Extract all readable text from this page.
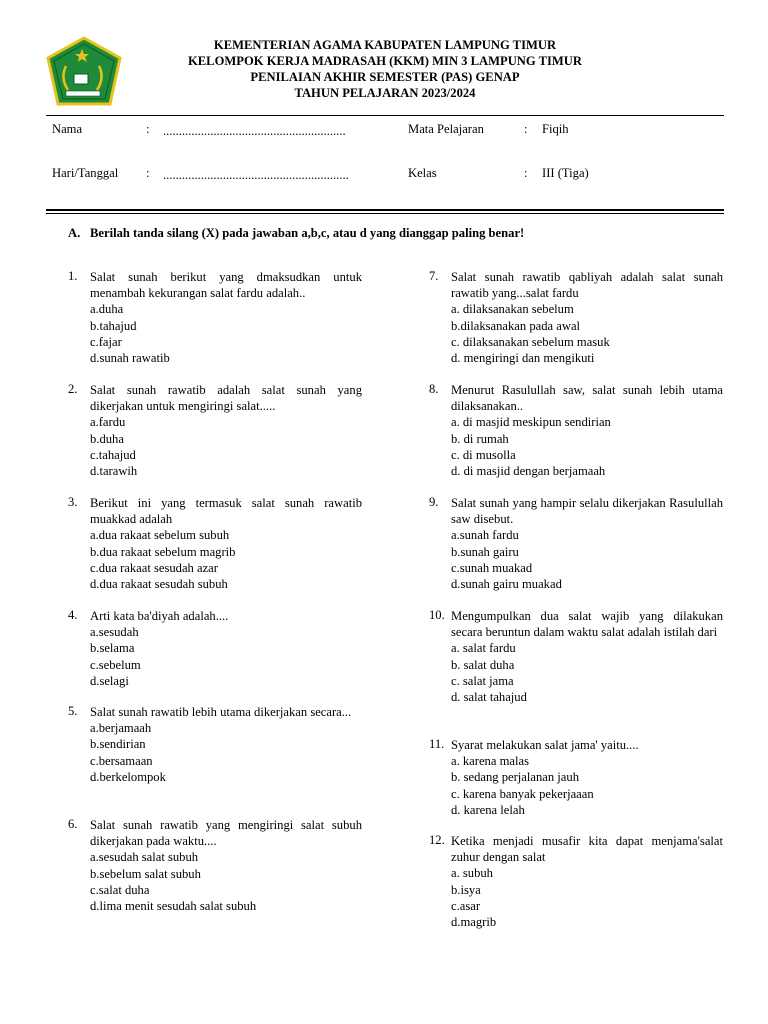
KEMENTERIAN AGAMA KABUPATEN LAMPUNG TIMUR
KELOMPOK KERJA MADRASAH (KKM) MIN 3 LAMPUNG TIMUR
PENILAIAN AKHIR SEMESTER (PAS) GENAP
TAHUN PELAJARAN 2023/2024
Nama	: ..........................................................	Mata Pelajaran	: Fiqih
Hari/Tanggal : ...........................................................	Kelas	: III (Tiga)
A. Berilah tanda silang (X) pada jawaban a,b,c, atau d yang dianggap paling benar!
1. Salat sunah berikut yang dmaksudkan untuk menambah kekurangan salat fardu adalah..
a.duha
b.tahajud
c.fajar
d.sunah rawatib
2. Salat sunah rawatib adalah salat sunah yang dikerjakan untuk mengiringi salat.....
a.fardu
b.duha
c.tahajud
d.tarawih
3. Berikut ini yang termasuk salat sunah rawatib muakkad adalah
a.dua rakaat sebelum subuh
b.dua rakaat sebelum magrib
c.dua rakaat sesudah azar
d.dua rakaat sesudah subuh
4. Arti kata ba'diyah adalah....
a.sesudah
b.selama
c.sebelum
d.selagi
5. Salat sunah rawatib lebih utama dikerjakan secara...
a.berjamaah
b.sendirian
c.bersamaan
d.berkelompok
6. Salat sunah rawatib yang mengiringi salat subuh dikerjakan pada waktu....
a.sesudah salat subuh
b.sebelum salat subuh
c.salat duha
d.lima menit sesudah salat subuh
7. Salat sunah rawatib qabliyah adalah salat sunah rawatib yang...salat fardu
a. dilaksanakan sebelum
b.dilaksanakan pada awal
c. dilaksanakan sebelum masuk
d. mengiringi dan mengikuti
8. Menurut Rasulullah saw, salat sunah lebih utama dilaksanakan..
a. di masjid meskipun sendirian
b. di rumah
c. di musolla
d. di masjid dengan berjamaah
9. Salat sunah yang hampir selalu dikerjakan Rasulullah saw disebut.
a.sunah fardu
b.sunah gairu
c.sunah muakad
d.sunah gairu muakad
10. Mengumpulkan dua salat wajib yang dilakukan secara beruntun dalam waktu salat adalah istilah dari
a. salat fardu
b. salat duha
c. salat jama
d. salat tahajud
11. Syarat melakukan salat jama' yaitu....
a. karena malas
b. sedang perjalanan jauh
c. karena banyak pekerjaaan
d. karena lelah
12. Ketika menjadi musafir kita dapat menjama'salat zuhur dengan salat
a. subuh
b.isya
c.asar
d.magrib
